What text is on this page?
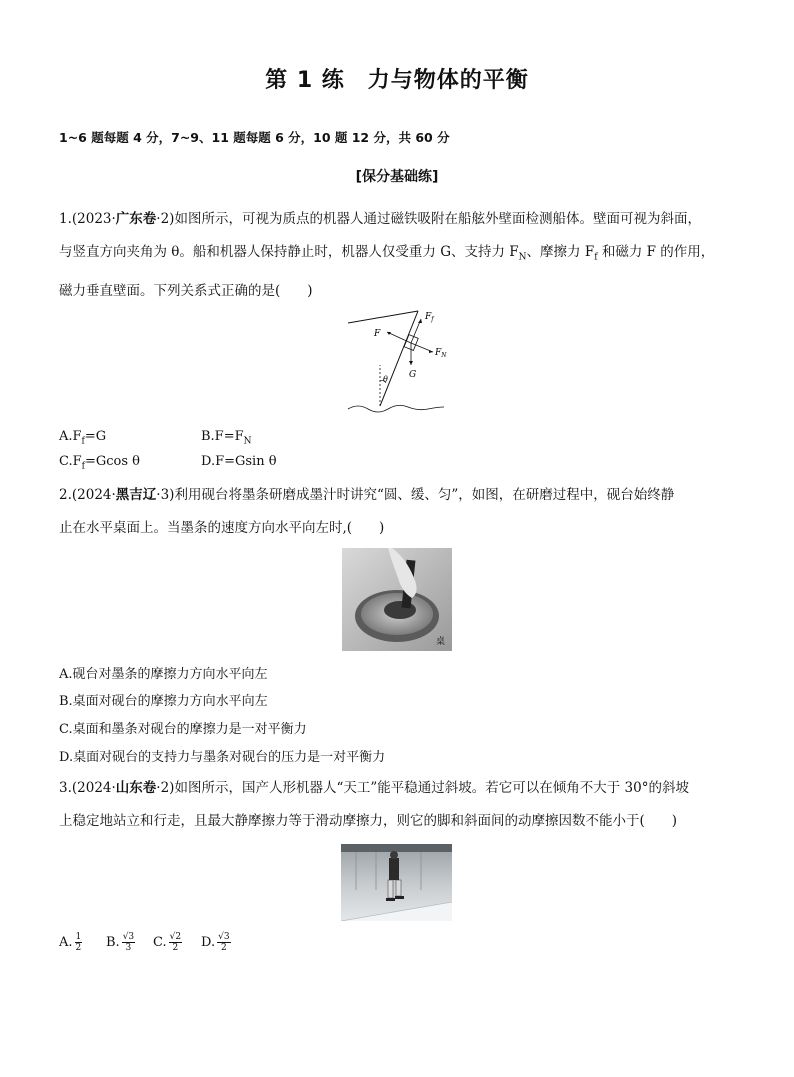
第 1 练　力与物体的平衡
1~6 题每题 4 分，7~9、11 题每题 6 分，10 题 12 分，共 60 分
[保分基础练]
1.(2023·广东卷·2)如图所示，可视为质点的机器人通过磁铁吸附在船舷外壁面检测船体。壁面可视为斜面，
与竖直方向夹角为 θ。船和机器人保持静止时，机器人仅受重力 G、支持力 $F_N$、摩擦力 $F_f$ 和磁力 F 的作用，
磁力垂直壁面。下列关系式正确的是(　　)
$F_f$
F
$F_N$
G
θ
$A.F_f=G$	$B.F=F_N$
$C.F_f=Gcos$ θ	D.F=Gsin θ
2.(2024·黑吉辽·3)利用砚台将墨条研磨成墨汁时讲究“圆、缓、匀”，如图，在研磨过程中，砚台始终静
止在水平桌面上。当墨条的速度方向水平向左时,(　　)
桌
A.砚台对墨条的摩擦力方向水平向左
B.桌面对砚台的摩擦力方向水平向左
C.桌面和墨条对砚台的摩擦力是一对平衡力
D.桌面对砚台的支持力与墨条对砚台的压力是一对平衡力
3.(2024·山东卷·2)如图所示，国产人形机器人“天工”能平稳通过斜坡。若它可以在倾角不大于 30°的斜坡
上稳定地站立和行走，且最大静摩擦力等于滑动摩擦力，则它的脚和斜面间的动摩擦因数不能小于(　　)
A. $\frac{1}{2} B$. $\frac{√3}{3} C$. $\frac{√2}{2} D$. $\frac{√3}{2}$
